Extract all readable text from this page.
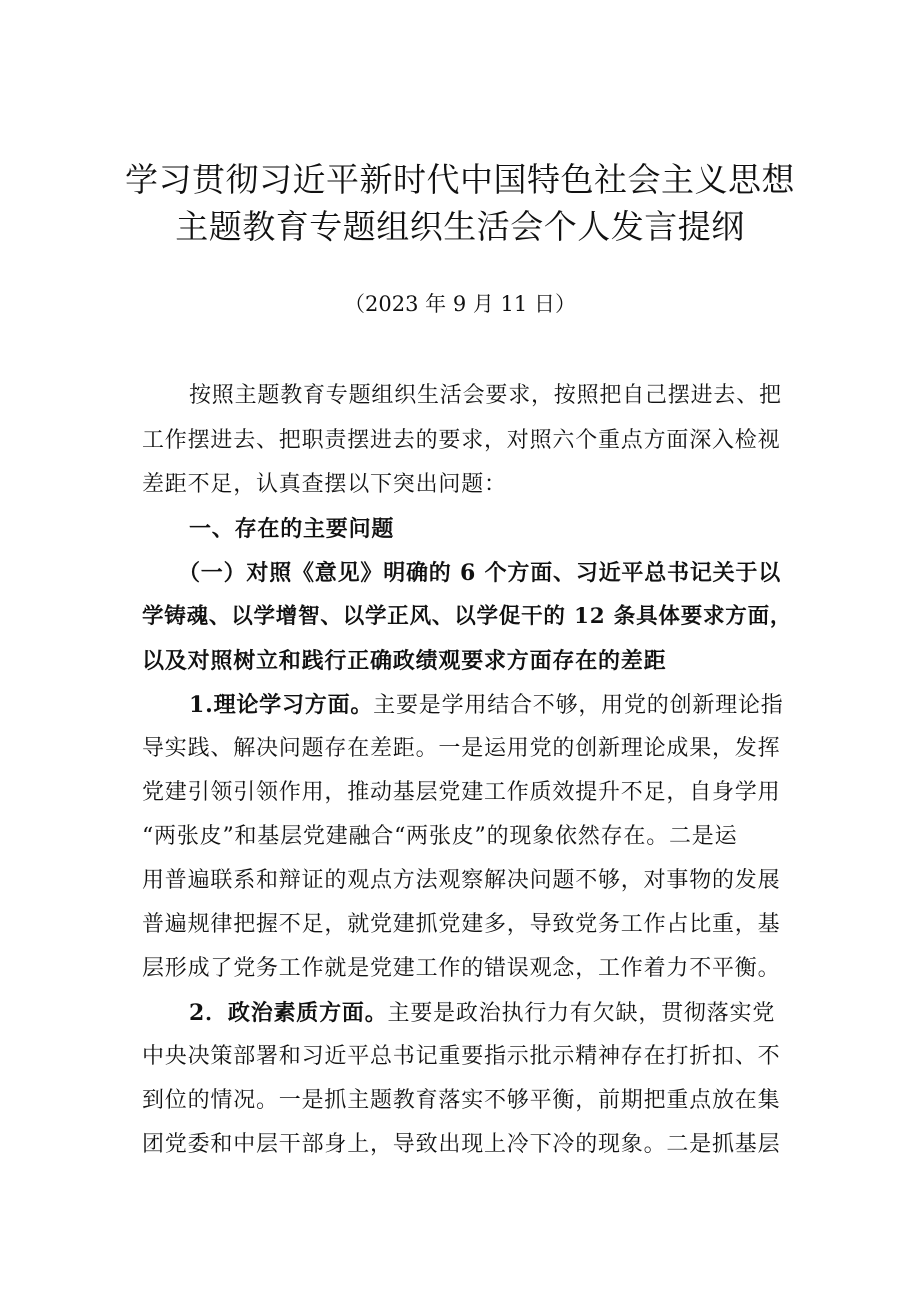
学习贯彻习近平新时代中国特色社会主义思想
主题教育专题组织生活会个人发言提纲
（2023 年 9 月 11 日）
按照主题教育专题组织生活会要求，按照把自己摆进去、把
工作摆进去、把职责摆进去的要求，对照六个重点方面深入检视
差距不足，认真查摆以下突出问题：
一、存在的主要问题
（一）对照《意见》明确的 6 个方面、习近平总书记关于以
学铸魂、以学增智、以学正风、以学促干的 12 条具体要求方面，
以及对照树立和践行正确政绩观要求方面存在的差距
1.理论学习方面。主要是学用结合不够，用党的创新理论指
导实践、解决问题存在差距。一是运用党的创新理论成果，发挥
党建引领引领作用，推动基层党建工作质效提升不足，自身学用
“两张皮”和基层党建融合“两张皮”的现象依然存在。二是运
用普遍联系和辩证的观点方法观察解决问题不够，对事物的发展
普遍规律把握不足，就党建抓党建多，导致党务工作占比重，基
层形成了党务工作就是党建工作的错误观念，工作着力不平衡。
2．政治素质方面。主要是政治执行力有欠缺，贯彻落实党
中央决策部署和习近平总书记重要指示批示精神存在打折扣、不
到位的情况。一是抓主题教育落实不够平衡，前期把重点放在集
团党委和中层干部身上，导致出现上冷下冷的现象。二是抓基层
